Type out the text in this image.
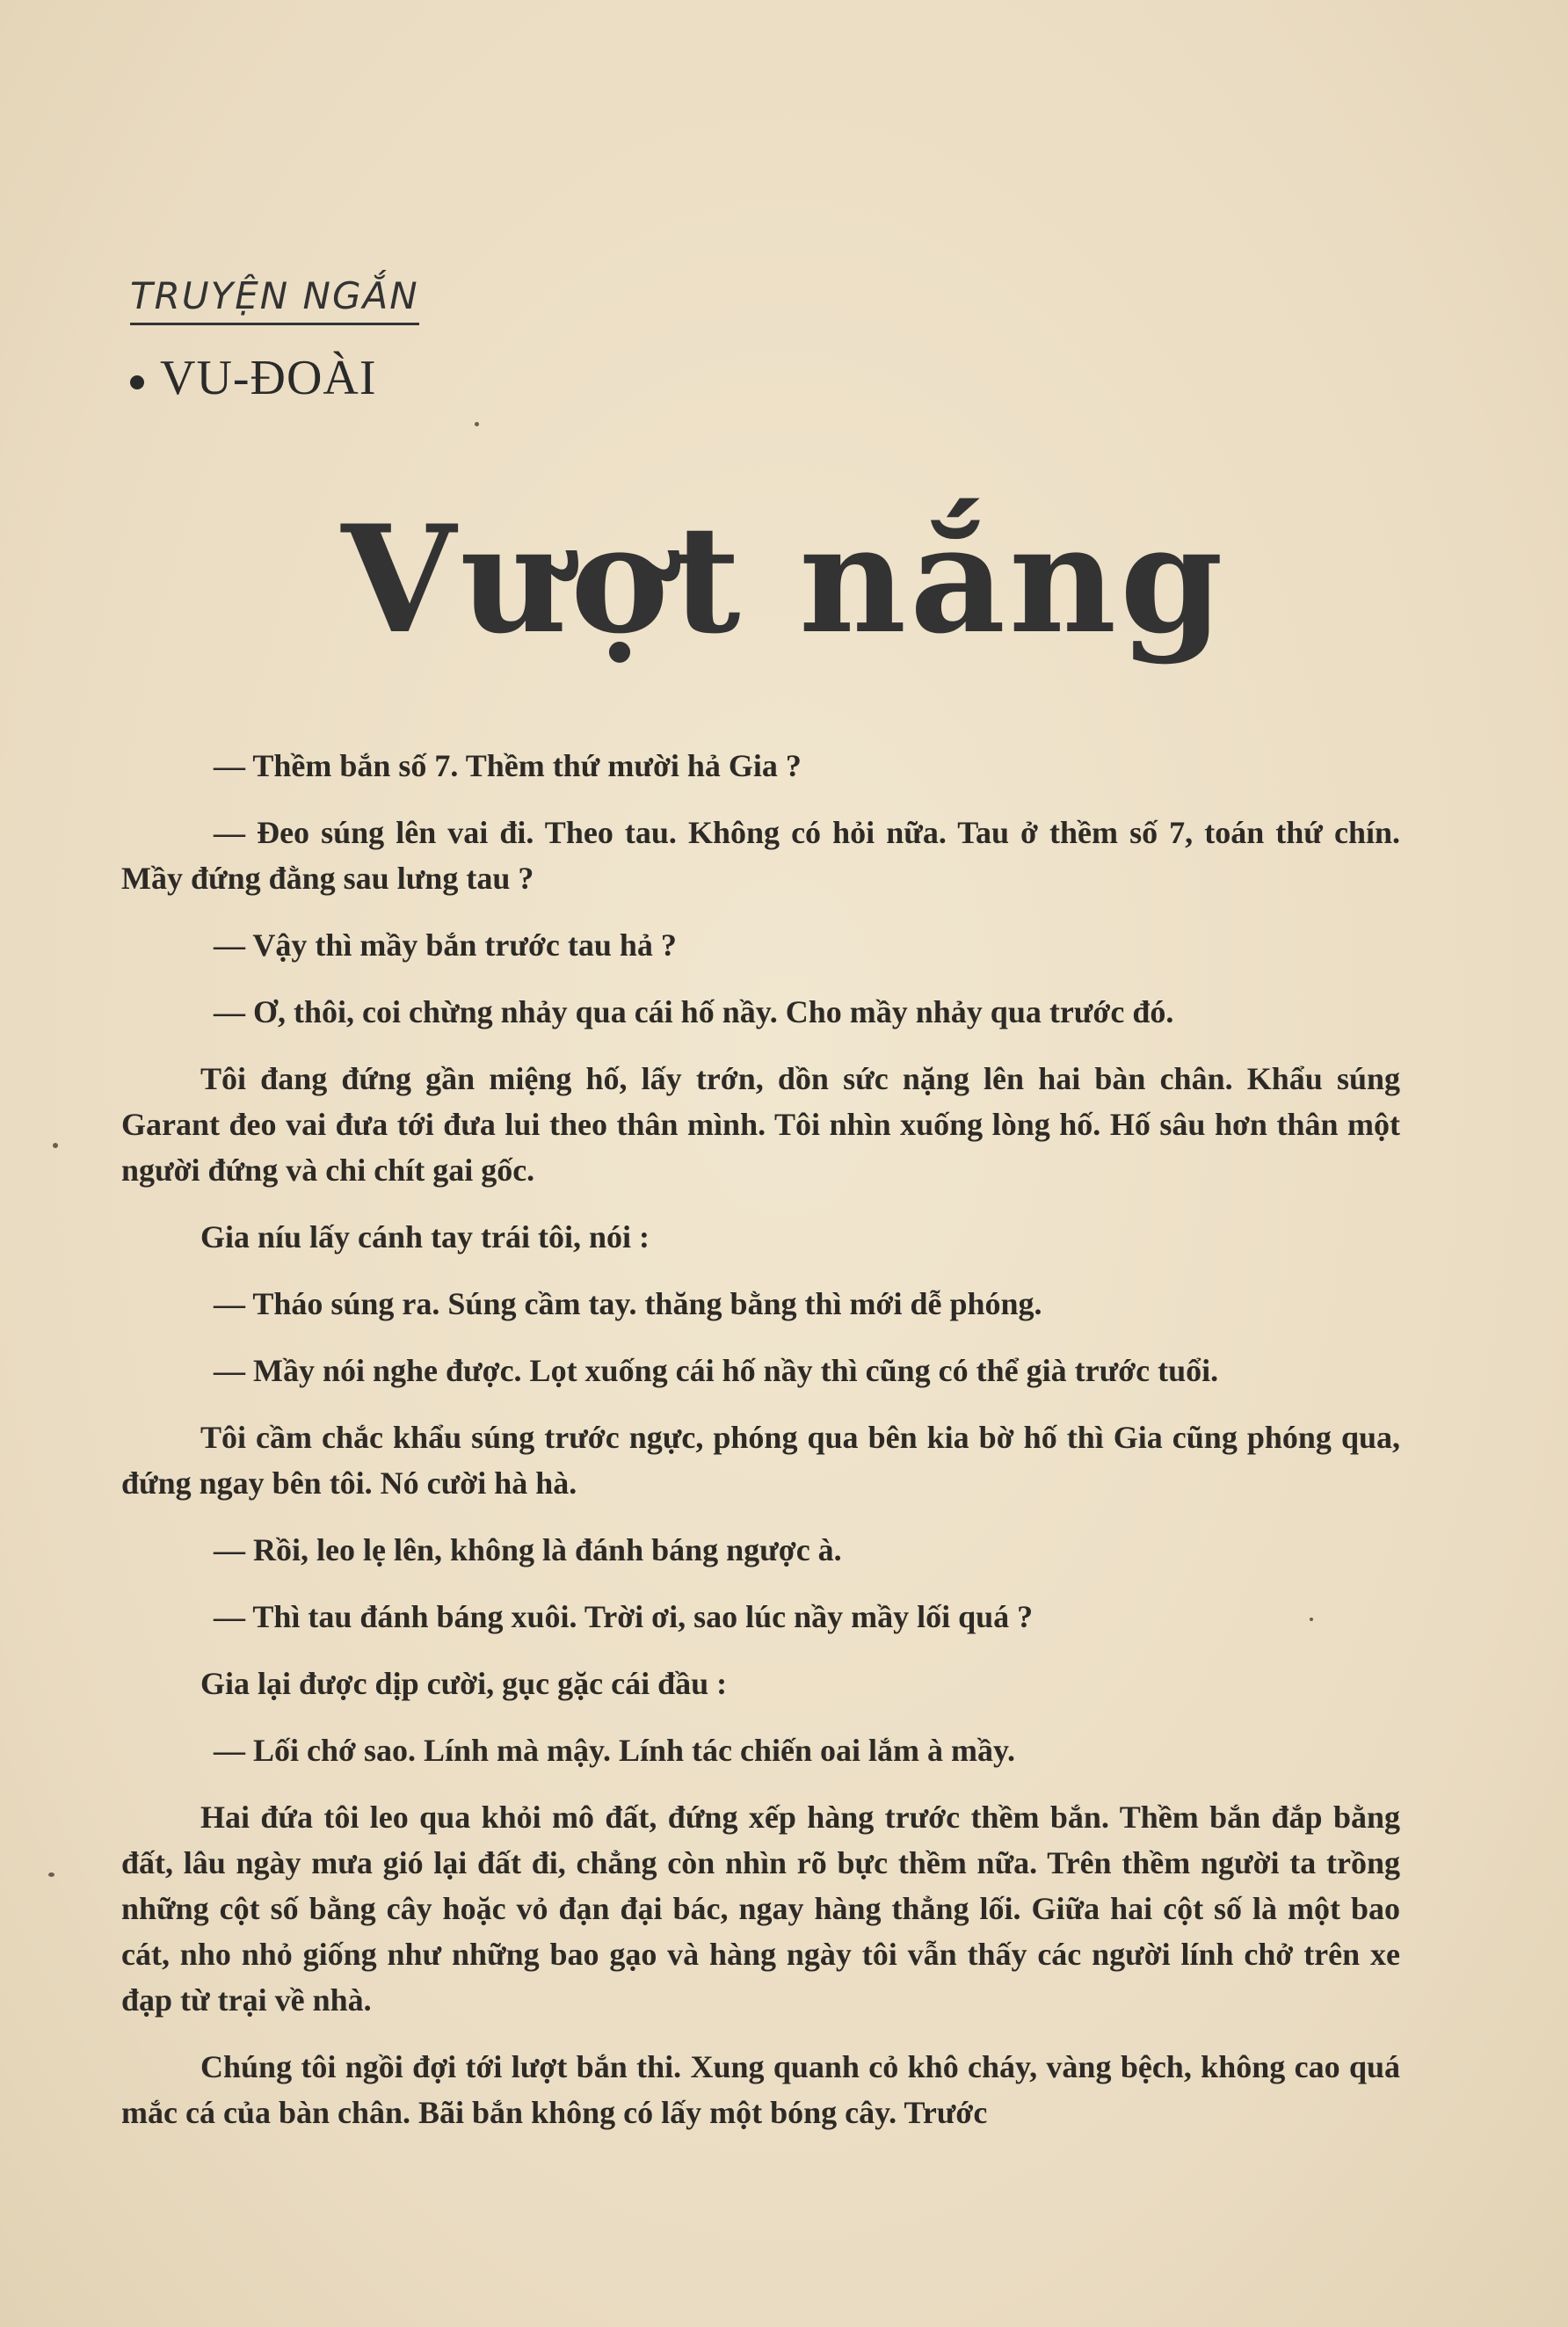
TRUYỆN NGẮN
VU-ĐOÀI
Vượt nắng

— Thềm bắn số 7. Thềm thứ mười hả Gia ?

— Đeo súng lên vai đi. Theo tau. Không có hỏi nữa. Tau ở thềm số 7, toán thứ chín. Mầy đứng đằng sau lưng tau ?

— Vậy thì mầy bắn trước tau hả ?

— Ơ, thôi, coi chừng nhảy qua cái hố nầy. Cho mầy nhảy qua trước đó.

Tôi đang đứng gần miệng hố, lấy trớn, dồn sức nặng lên hai bàn chân. Khẩu súng Garant đeo vai đưa tới đưa lui theo thân mình. Tôi nhìn xuống lòng hố. Hố sâu hơn thân một người đứng và chi chít gai gốc.

Gia níu lấy cánh tay trái tôi, nói :

— Tháo súng ra. Súng cầm tay. thăng bằng thì mới dễ phóng.

— Mầy nói nghe được. Lọt xuống cái hố nầy thì cũng có thể già trước tuổi.

Tôi cầm chắc khẩu súng trước ngực, phóng qua bên kia bờ hố thì Gia cũng phóng qua, đứng ngay bên tôi. Nó cười hà hà.

— Rồi, leo lẹ lên, không là đánh báng ngược à.

— Thì tau đánh báng xuôi. Trời ơi, sao lúc nầy mầy lối quá ?

Gia lại được dịp cười, gục gặc cái đầu :

— Lối chớ sao. Lính mà mậy. Lính tác chiến oai lắm à mầy.

Hai đứa tôi leo qua khỏi mô đất, đứng xếp hàng trước thềm bắn. Thềm bắn đắp bằng đất, lâu ngày mưa gió lại đất đi, chẳng còn nhìn rõ bực thềm nữa. Trên thềm người ta trồng những cột số bằng cây hoặc vỏ đạn đại bác, ngay hàng thẳng lối. Giữa hai cột số là một bao cát, nho nhỏ giống như những bao gạo và hàng ngày tôi vẫn thấy các người lính chở trên xe đạp từ trại về nhà.

Chúng tôi ngồi đợi tới lượt bắn thi. Xung quanh cỏ khô cháy, vàng bệch, không cao quá mắc cá của bàn chân. Bãi bắn không có lấy một bóng cây. Trước
